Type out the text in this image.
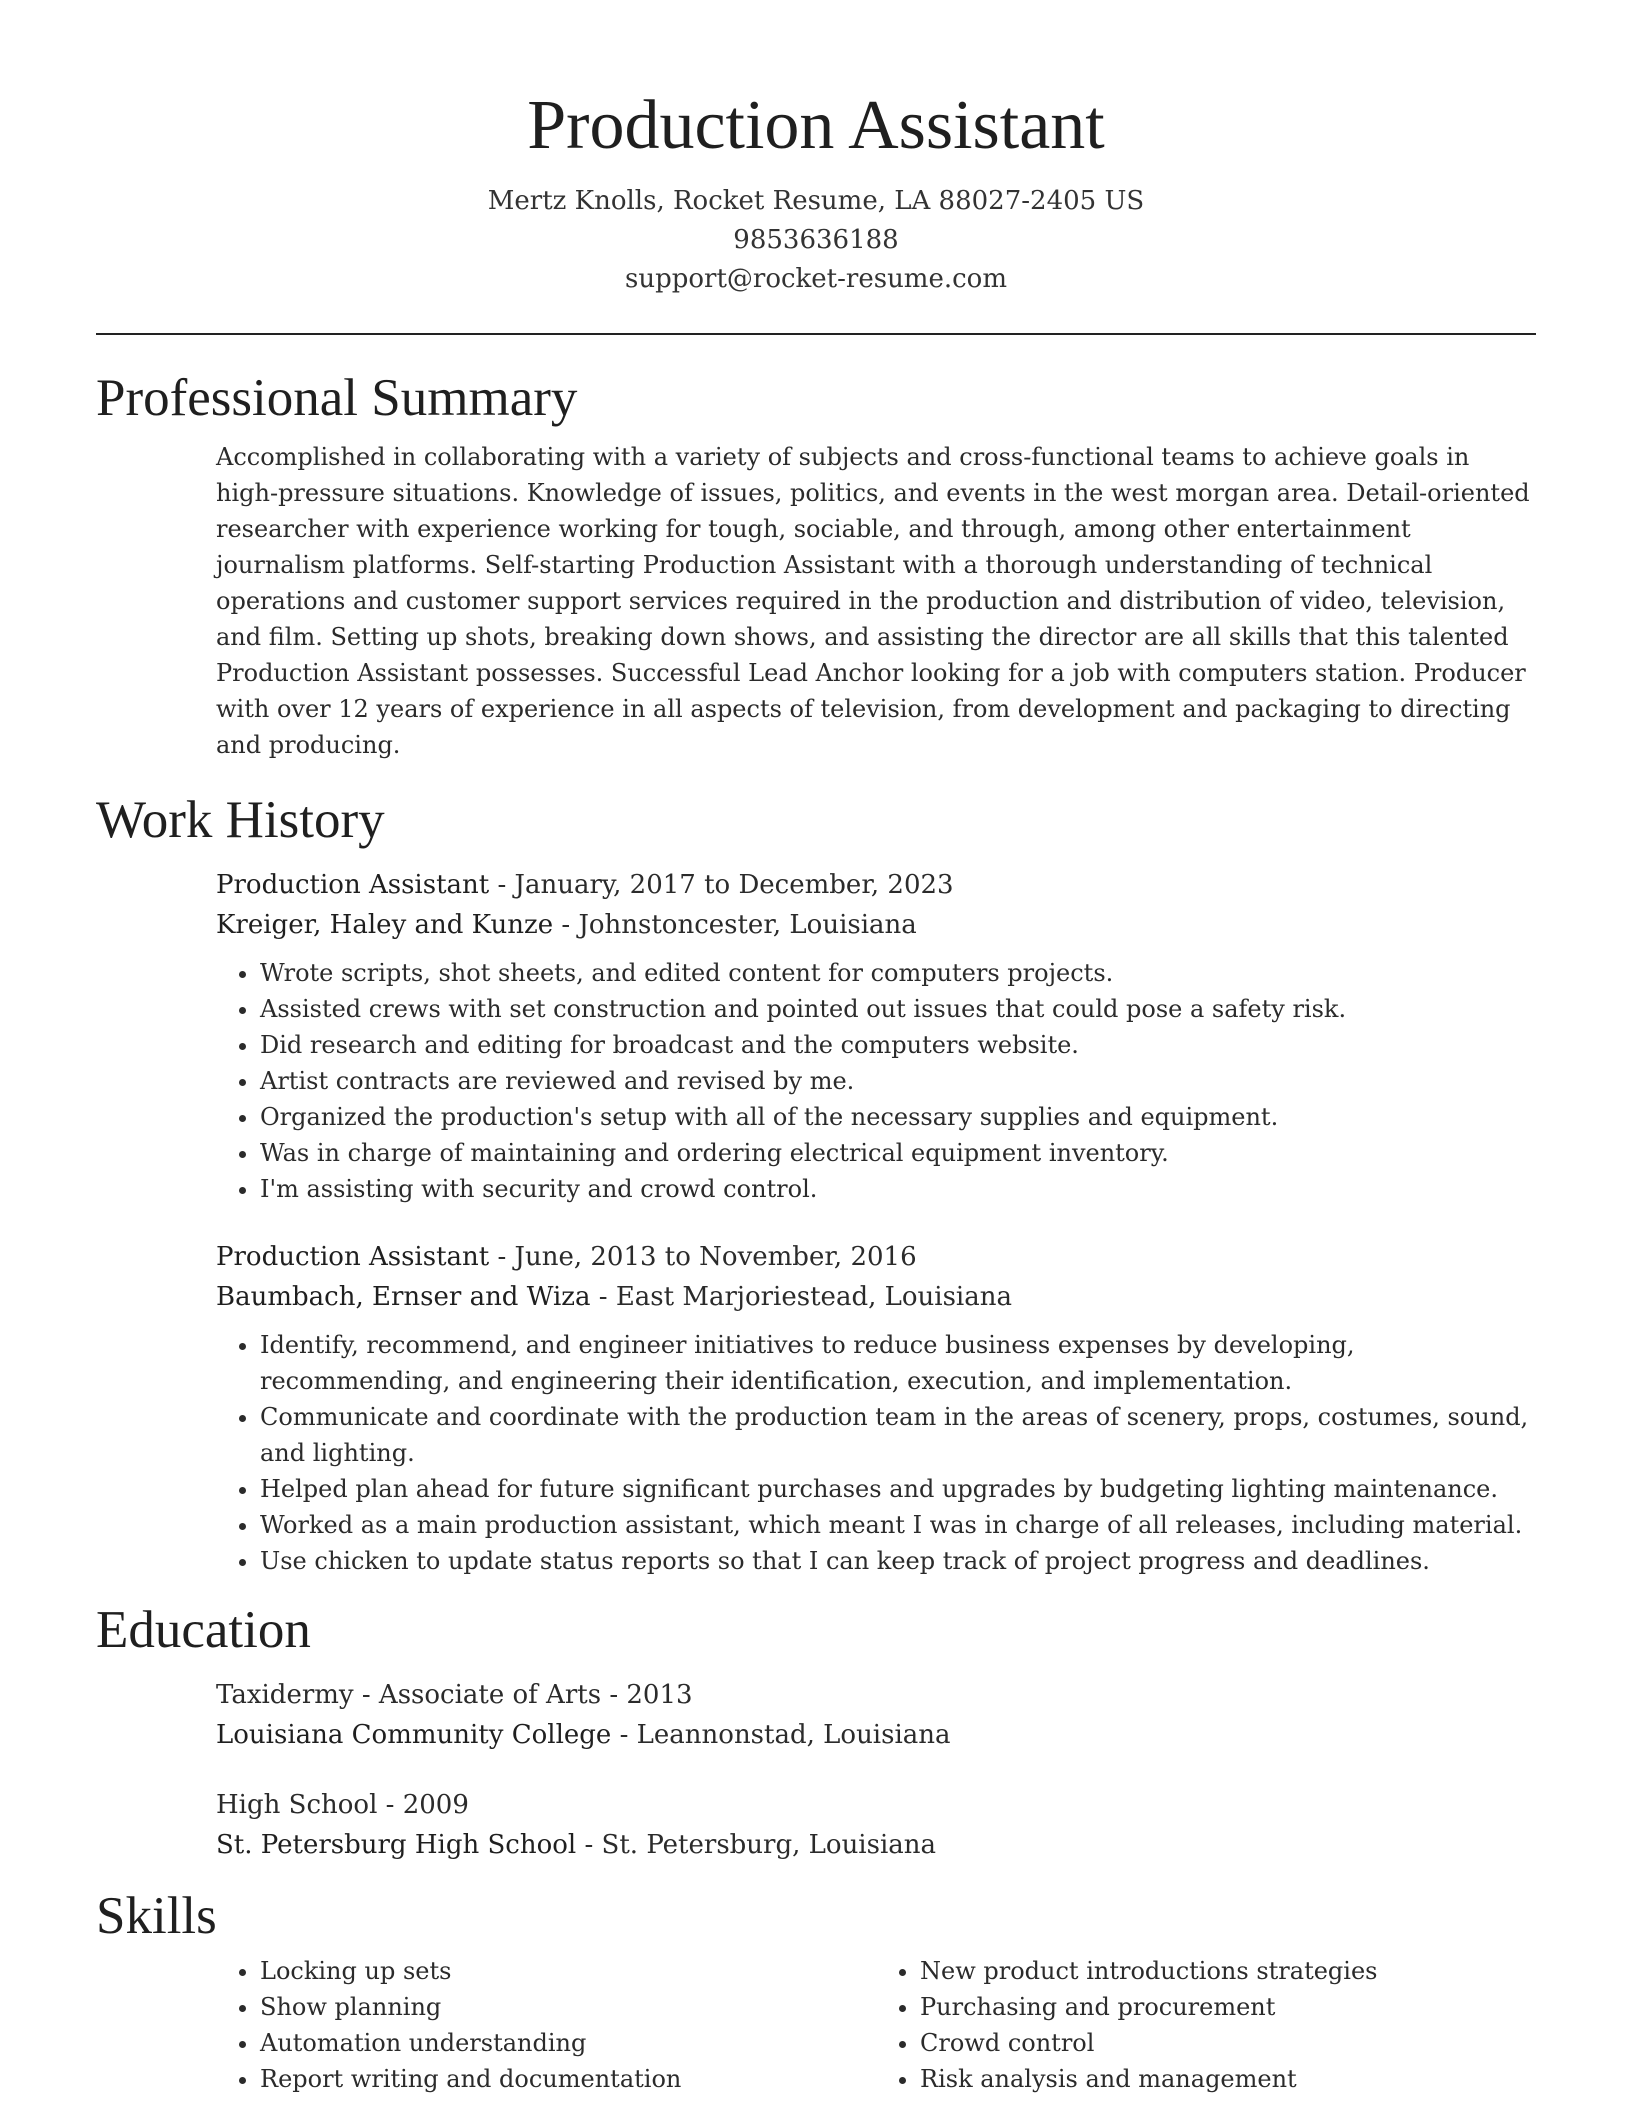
Production Assistant
Mertz Knolls, Rocket Resume, LA 88027-2405 US
9853636188
support@rocket-resume.com
Professional Summary

Accomplished in collaborating with a variety of subjects and cross-functional teams to achieve goals in high-pressure situations. Knowledge of issues, politics, and events in the west morgan area. Detail-oriented researcher with experience working for tough, sociable, and through, among other entertainment journalism platforms. Self-starting Production Assistant with a thorough understanding of technical operations and customer support services required in the production and distribution of video, television, and film. Setting up shots, breaking down shows, and assisting the director are all skills that this talented Production Assistant possesses. Successful Lead Anchor looking for a job with computers station. Producer with over 12 years of experience in all aspects of television, from development and packaging to directing and producing.

Work History
Production Assistant - January, 2017 to December, 2023
Kreiger, Haley and Kunze - Johnstoncester, Louisiana
• Wrote scripts, shot sheets, and edited content for computers projects.
• Assisted crews with set construction and pointed out issues that could pose a safety risk.
• Did research and editing for broadcast and the computers website.
• Artist contracts are reviewed and revised by me.
• Organized the production's setup with all of the necessary supplies and equipment.
• Was in charge of maintaining and ordering electrical equipment inventory.
• I'm assisting with security and crowd control.
Production Assistant - June, 2013 to November, 2016
Baumbach, Ernser and Wiza - East Marjoriestead, Louisiana
• Identify, recommend, and engineer initiatives to reduce business expenses by developing, recommending, and engineering their identification, execution, and implementation.
• Communicate and coordinate with the production team in the areas of scenery, props, costumes, sound, and lighting.
• Helped plan ahead for future significant purchases and upgrades by budgeting lighting maintenance.
• Worked as a main production assistant, which meant I was in charge of all releases, including material.
• Use chicken to update status reports so that I can keep track of project progress and deadlines.
Education
Taxidermy - Associate of Arts - 2013
Louisiana Community College - Leannonstad, Louisiana
High School - 2009
St. Petersburg High School - St. Petersburg, Louisiana
Skills
• Locking up sets
• Show planning
• Automation understanding
• Report writing and documentation
• New product introductions strategies
• Purchasing and procurement
• Crowd control
• Risk analysis and management
